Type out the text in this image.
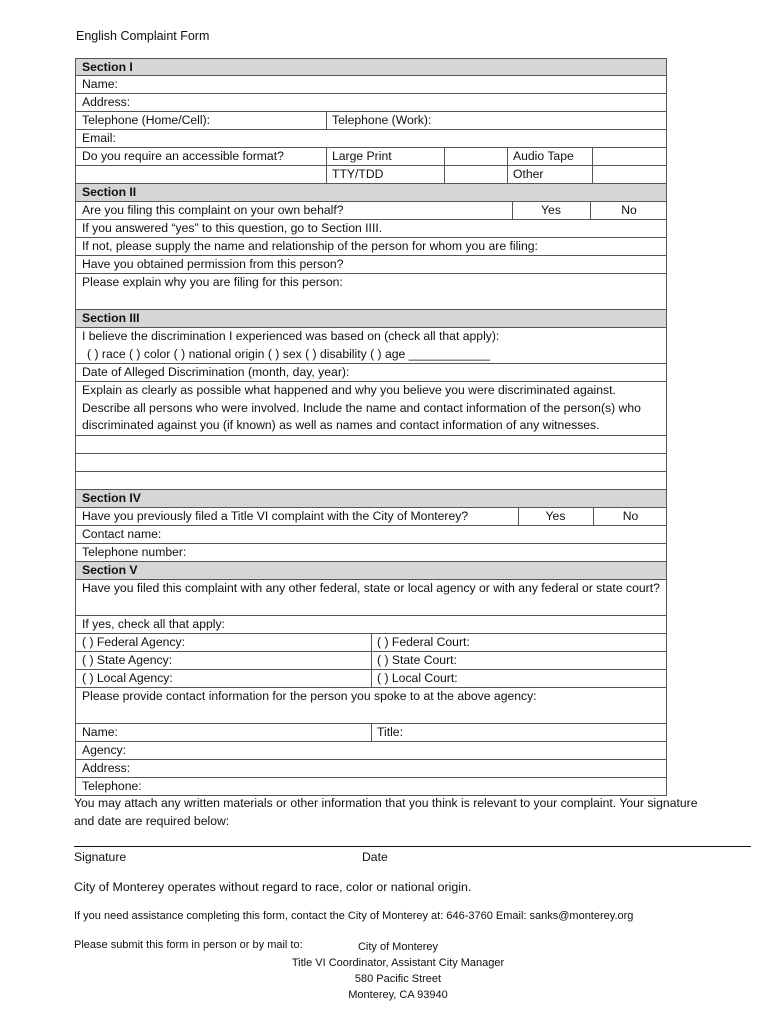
English Complaint Form
Section I
Name:
Address:
Telephone (Home/Cell):	Telephone (Work):
Email:
Do you require an accessible format?	Large Print	Audio Tape
TTY/TDD	Other
Section II
Are you filing this complaint on your own behalf?	Yes	No
If you answered “yes” to this question, go to Section IIII.
If not, please supply the name and relationship of the person for whom you are filing:
Have you obtained permission from this person?
Please explain why you are filing for this person:
Section III
I believe the discrimination I experienced was based on (check all that apply):
( ) race ( ) color ( ) national origin ( ) sex ( ) disability ( ) age ____________
Date of Alleged Discrimination (month, day, year):
Explain as clearly as possible what happened and why you believe you were discriminated against. Describe all persons who were involved. Include the name and contact information of the person(s) who discriminated against you (if known) as well as names and contact information of any witnesses.
Section IV
Have you previously filed a Title VI complaint with the City of Monterey?	Yes	No
Contact name:
Telephone number:
Section V
Have you filed this complaint with any other federal, state or local agency or with any federal or state court?
If yes, check all that apply:
( ) Federal Agency:	( ) Federal Court:
( ) State Agency:	( ) State Court:
( ) Local Agency:	( ) Local Court:
Please provide contact information for the person you spoke to at the above agency:
Name:	Title:
Agency:
Address:
Telephone:
You may attach any written materials or other information that you think is relevant to your complaint. Your signature and date are required below:
Signature	Date
City of Monterey operates without regard to race, color or national origin.
If you need assistance completing this form, contact the City of Monterey at: 646-3760 Email: sanks@monterey.org
Please submit this form in person or by mail to:	City of Monterey
Title VI Coordinator, Assistant City Manager
580 Pacific Street
Monterey, CA 93940
